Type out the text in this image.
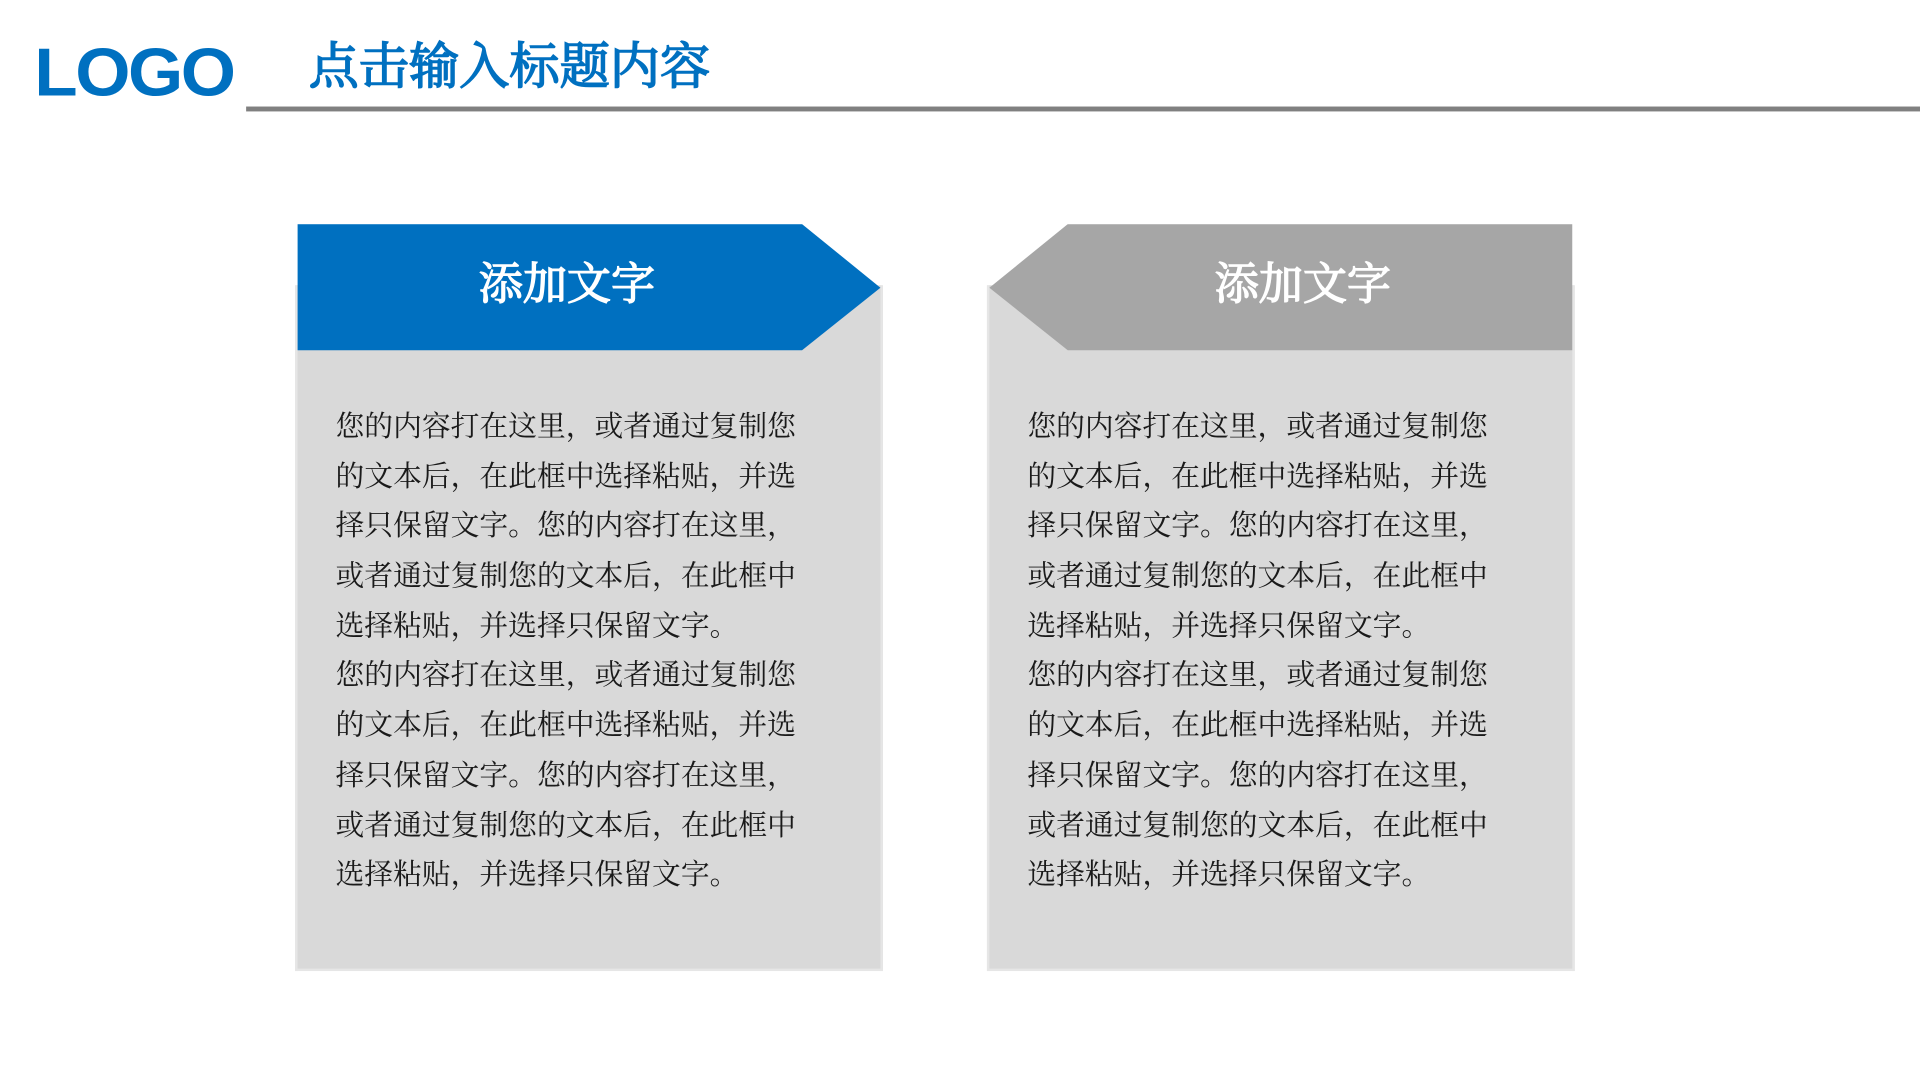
LOGO 点击输入标题内容
添加文字
您的内容打在这里，或者通过复制您
的文本后，在此框中选择粘贴，并选
择只保留文字。您的内容打在这里，
或者通过复制您的文本后，在此框中
选择粘贴，并选择只保留文字。
您的内容打在这里，或者通过复制您
的文本后，在此框中选择粘贴，并选
择只保留文字。您的内容打在这里，
或者通过复制您的文本后，在此框中
选择粘贴，并选择只保留文字。
添加文字
您的内容打在这里，或者通过复制您
的文本后，在此框中选择粘贴，并选
择只保留文字。您的内容打在这里，
或者通过复制您的文本后，在此框中
选择粘贴，并选择只保留文字。
您的内容打在这里，或者通过复制您
的文本后，在此框中选择粘贴，并选
择只保留文字。您的内容打在这里，
或者通过复制您的文本后，在此框中
选择粘贴，并选择只保留文字。
